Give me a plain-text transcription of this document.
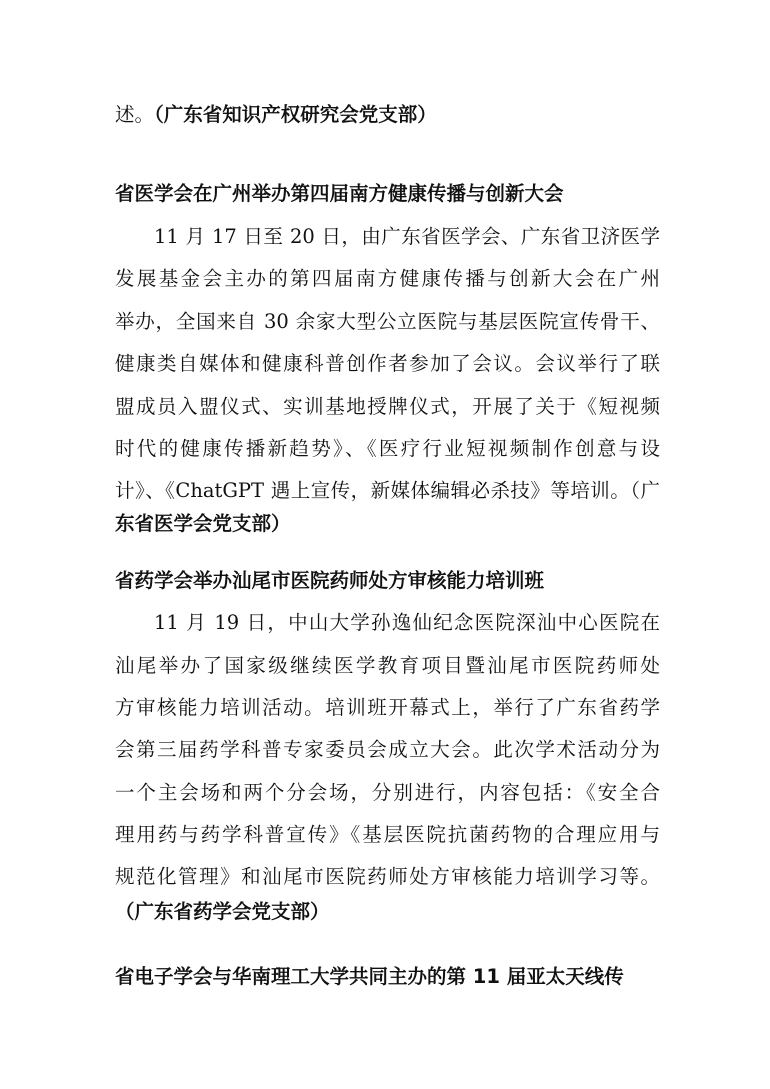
述。（广东省知识产权研究会党支部）
省医学会在广州举办第四届南方健康传播与创新大会
11 月 17 日至 20 日，由广东省医学会、广东省卫济医学
发展基金会主办的第四届南方健康传播与创新大会在广州
举办，全国来自 30 余家大型公立医院与基层医院宣传骨干、
健康类自媒体和健康科普创作者参加了会议。会议举行了联
盟成员入盟仪式、实训基地授牌仪式，开展了关于《短视频
时代的健康传播新趋势》、《医疗行业短视频制作创意与设
计》、《ChatGPT 遇上宣传，新媒体编辑必杀技》等培训。（广
东省医学会党支部）
省药学会举办汕尾市医院药师处方审核能力培训班
11 月 19 日，中山大学孙逸仙纪念医院深汕中心医院在
汕尾举办了国家级继续医学教育项目暨汕尾市医院药师处
方审核能力培训活动。培训班开幕式上，举行了广东省药学
会第三届药学科普专家委员会成立大会。此次学术活动分为
一个主会场和两个分会场，分别进行，内容包括：《安全合
理用药与药学科普宣传》《基层医院抗菌药物的合理应用与
规范化管理》和汕尾市医院药师处方审核能力培训学习等。
（广东省药学会党支部）
省电子学会与华南理工大学共同主办的第 11 届亚太天线传
